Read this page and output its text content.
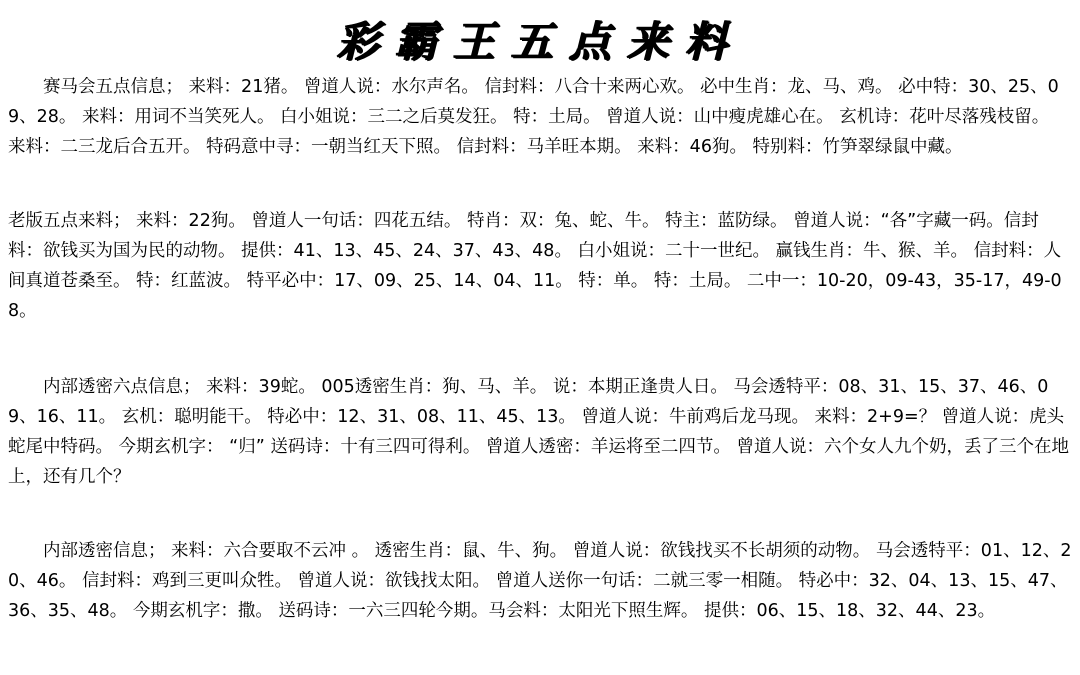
彩霸王五点来料
赛马会五点信息； 来料：21猪。 曾道人说：水尔声名。 信封料：八合十来两心欢。 必中生肖：龙、马、鸡。 必中特：30、25、09、28。 来料：用词不当笑死人。 白小姐说：三二之后莫发狂。 特：土局。 曾道人说：山中瘦虎雄心在。 玄机诗：花叶尽落残枝留。 来料：二三龙后合五开。 特码意中寻：一朝当红天下照。 信封料：马羊旺本期。 来料：46狗。 特别料：竹笋翠绿鼠中藏。
老版五点来料； 来料：22狗。 曾道人一句话：四花五结。 特肖：双：兔、蛇、牛。 特主：蓝防绿。 曾道人说：“各”字藏一码。信封料：欲钱买为国为民的动物。 提供：41、13、45、24、37、43、48。 白小姐说：二十一世纪。 赢钱生肖：牛、猴、羊。 信封料：人间真道苍桑至。 特：红蓝波。 特平必中：17、09、25、14、04、11。 特：单。 特：土局。 二中一：10-20，09-43，35-17，49-08。
内部透密六点信息； 来料：39蛇。 005透密生肖：狗、马、羊。 说：本期正逢贵人日。 马会透特平：08、31、15、37、46、09、16、11。 玄机：聪明能干。 特必中：12、31、08、11、45、13。 曾道人说：牛前鸡后龙马现。 来料：2+9=？ 曾道人说：虎头蛇尾中特码。 今期玄机字： “归” 送码诗：十有三四可得利。 曾道人透密：羊运将至二四节。 曾道人说：六个女人九个奶，丢了三个在地上，还有几个？
内部透密信息； 来料：六合要取不云冲 。 透密生肖：鼠、牛、狗。 曾道人说：欲钱找买不长胡须的动物。 马会透特平：01、12、20、46。 信封料：鸡到三更叫众牲。 曾道人说：欲钱找太阳。 曾道人送你一句话：二就三零一相随。 特必中：32、04、13、15、47、36、35、48。 今期玄机字：撒。 送码诗：一六三四轮今期。马会料：太阳光下照生辉。 提供：06、15、18、32、44、23。
